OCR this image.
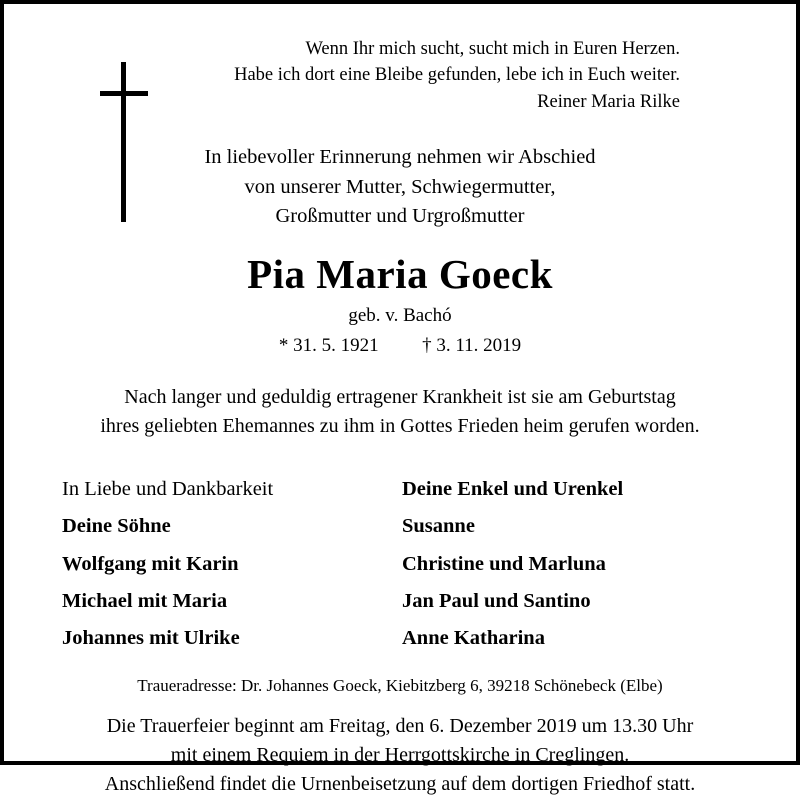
Wenn Ihr mich sucht, sucht mich in Euren Herzen.
Habe ich dort eine Bleibe gefunden, lebe ich in Euch weiter.
Reiner Maria Rilke
In liebevoller Erinnerung nehmen wir Abschied
von unserer Mutter, Schwiegermutter,
Großmutter und Urgroßmutter
Pia Maria Goeck
geb. v. Bachó
* 31. 5. 1921 † 3. 11. 2019
Nach langer und geduldig ertragener Krankheit ist sie am Geburtstag
ihres geliebten Ehemannes zu ihm in Gottes Frieden heim gerufen worden.
In Liebe und Dankbarkeit	Deine Enkel und Urenkel
Deine Söhne	Susanne
Wolfgang mit Karin	Christine und Marluna
Michael mit Maria	Jan Paul und Santino
Johannes mit Ulrike	Anne Katharina
Traueradresse: Dr. Johannes Goeck, Kiebitzberg 6, 39218 Schönebeck (Elbe)
Die Trauerfeier beginnt am Freitag, den 6. Dezember 2019 um 13.30 Uhr
mit einem Requiem in der Herrgottskirche in Creglingen.
Anschließend findet die Urnenbeisetzung auf dem dortigen Friedhof statt.
